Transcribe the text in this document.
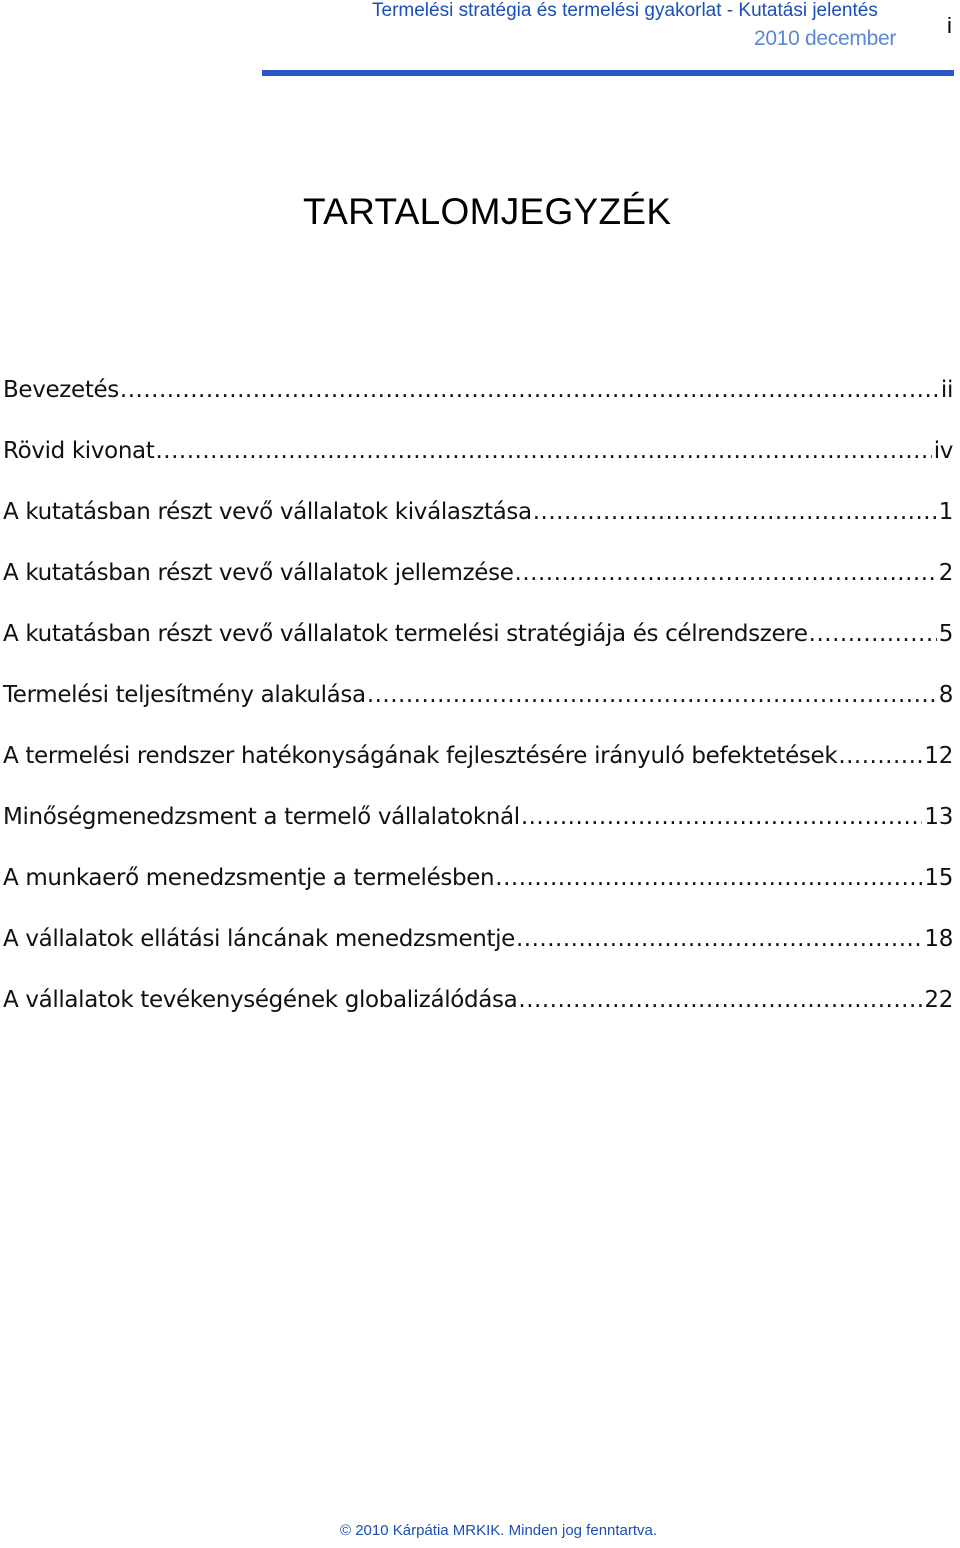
Termelési stratégia és termelési gyakorlat - Kutatási jelentés
2010 december
i
TARTALOMJEGYZÉK
Bevezetés .....	ii
Rövid kivonat .....	iv
A kutatásban részt vevő vállalatok kiválasztása .....	1
A kutatásban részt vevő vállalatok jellemzése .....	2
A kutatásban részt vevő vállalatok termelési stratégiája és célrendszere .....	5
Termelési teljesítmény alakulása .....	8
A termelési rendszer hatékonyságának fejlesztésére irányuló befektetések .....	12
Minőségmenedzsment a termelő vállalatoknál .....	13
A munkaerő menedzsmentje a termelésben .....	15
A vállalatok ellátási láncának menedzsmentje .....	18
A vállalatok tevékenységének globalizálódása .....	22
© 2010 Kárpátia MRKIK. Minden jog fenntartva.
